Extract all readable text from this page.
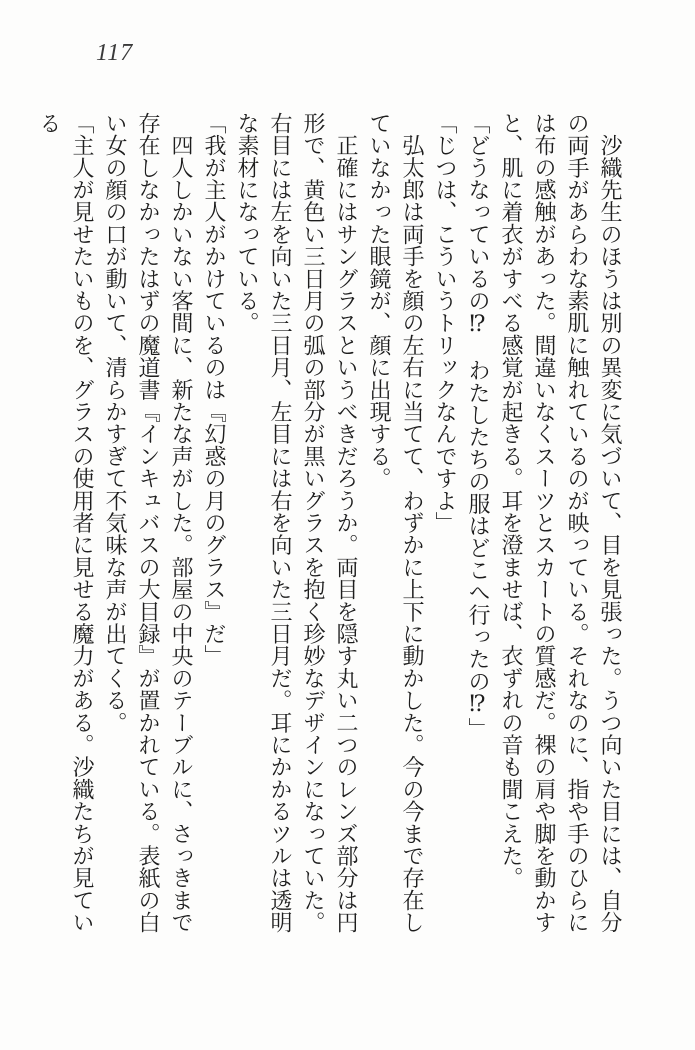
117

　沙織先生のほうは別の異変に気づいて、目を見張った。うつ向いた目には、自分の両手があらわな素肌に触れているのが映っている。それなのに、指や手のひらには布の感触があった。間違いなくスーツとスカートの質感だ。裸の肩や脚を動かすと、肌に着衣がすべる感覚が起きる。耳を澄ませば、衣ずれの音も聞こえた。

「どうなっているの⁉　わたしたちの服はどこへ行ったの⁉」

「じつは、こういうトリックなんですよ」

　弘太郎は両手を顔の左右に当てて、わずかに上下に動かした。今の今まで存在していなかった眼鏡が、顔に出現する。

　正確にはサングラスというべきだろうか。両目を隠す丸い二つのレンズ部分は円形で、黄色い三日月の弧の部分が黒いグラスを抱く珍妙なデザインになっていた。右目には左を向いた三日月、左目には右を向いた三日月だ。耳にかかるツルは透明な素材になっている。

「我が主人がかけているのは『幻惑の月のグラス』だ」

　四人しかいない客間に、新たな声がした。部屋の中央のテーブルに、さっきまで存在しなかったはずの魔道書『インキュバスの大目録』が置かれている。表紙の白い女の顔の口が動いて、清らかすぎて不気味な声が出てくる。

「主人が見せたいものを、グラスの使用者に見せる魔力がある。沙織たちが見ている
